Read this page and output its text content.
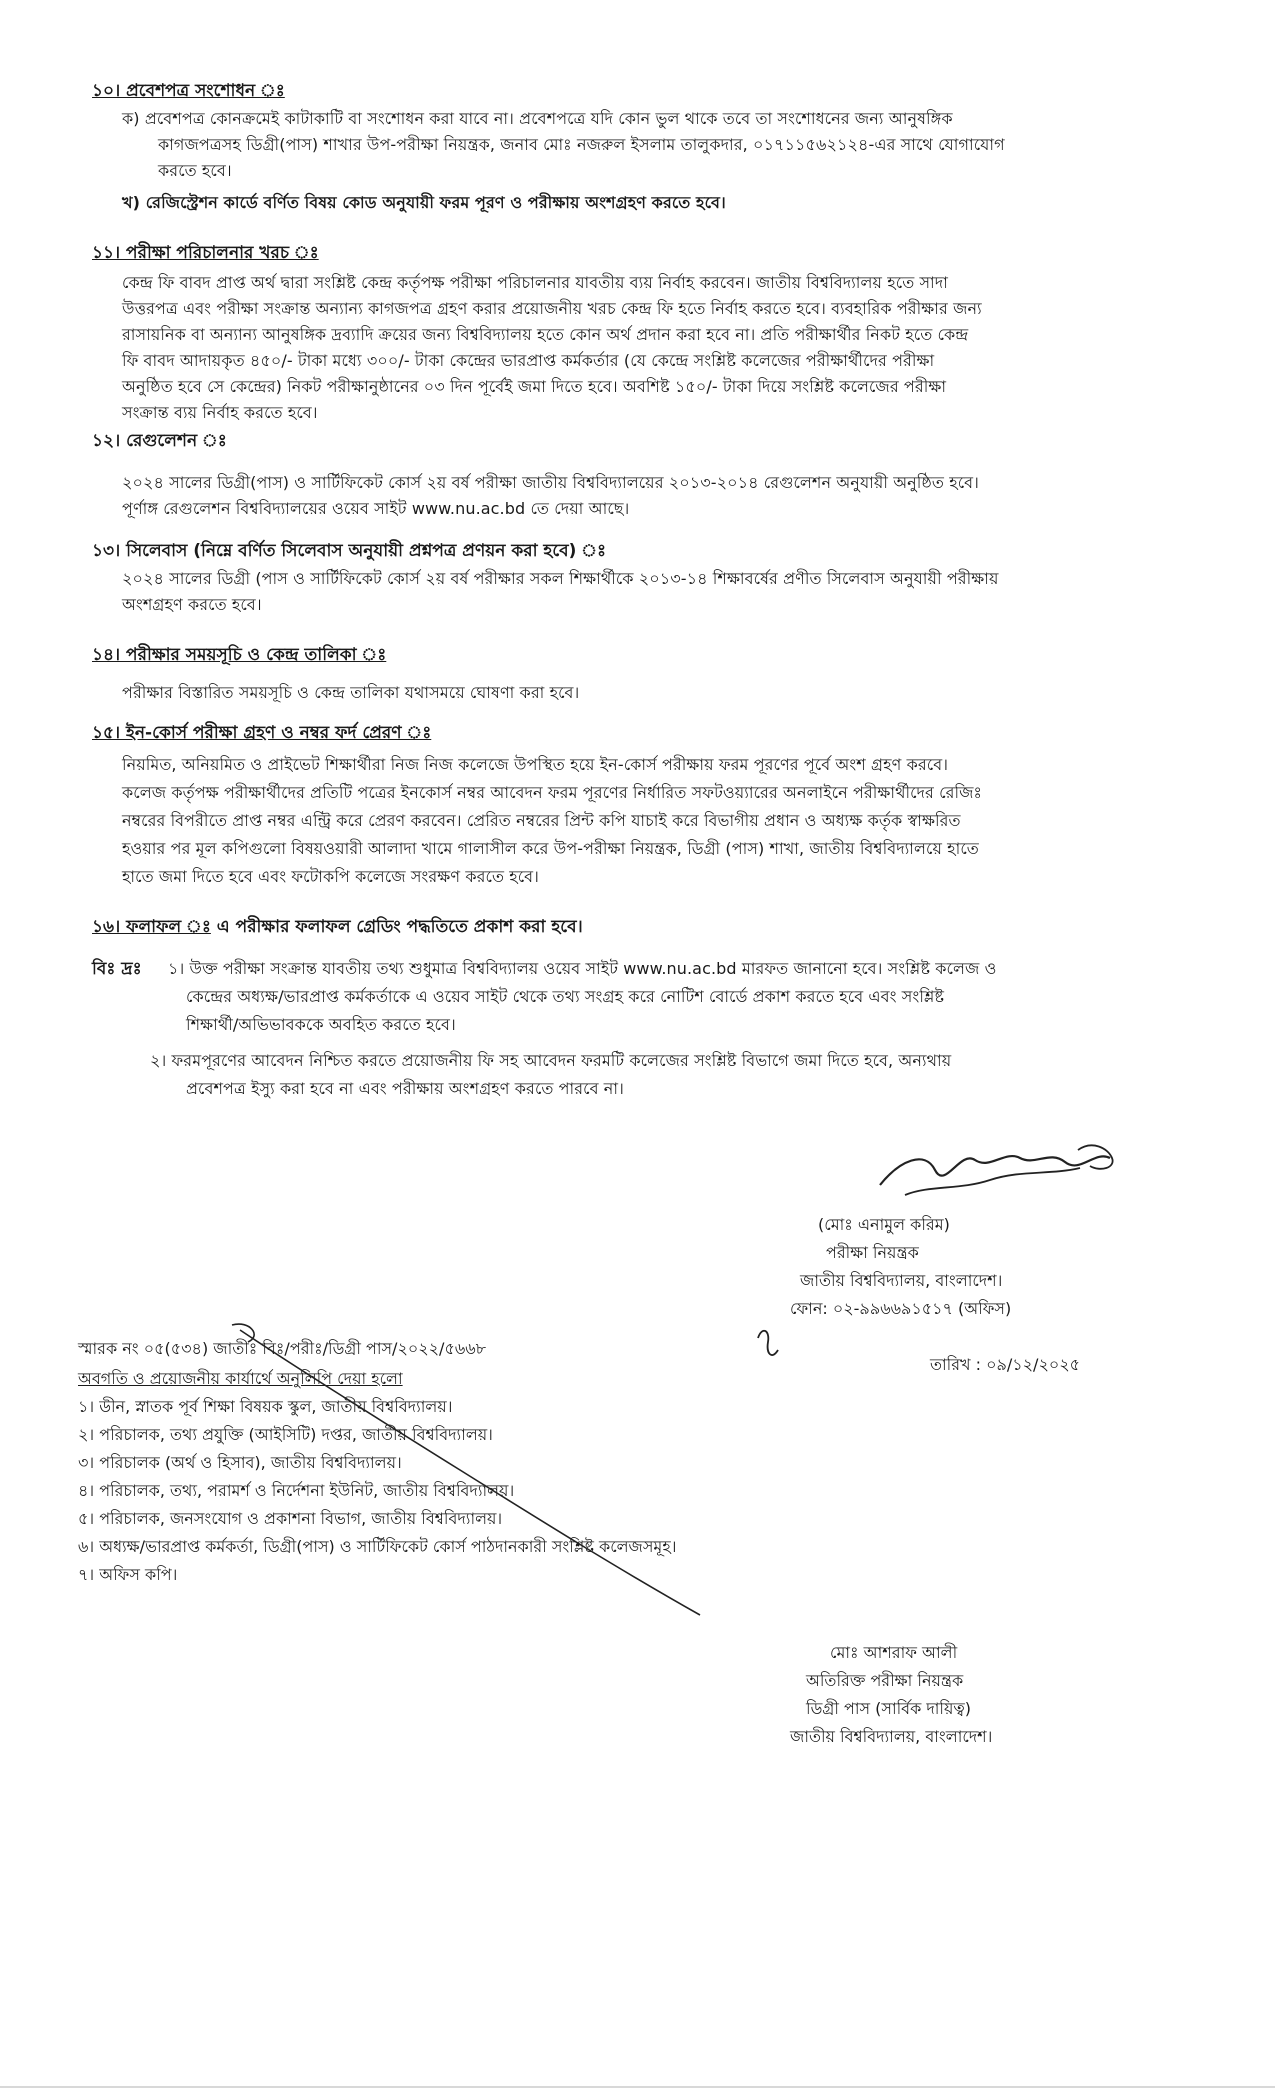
১০। প্রবেশপত্র সংশোধন ঃ
ক) প্রবেশপত্র কোনক্রমেই কাটাকাটি বা সংশোধন করা যাবে না। প্রবেশপত্রে যদি কোন ভুল থাকে তবে তা সংশোধনের জন্য আনুষঙ্গিক
কাগজপত্রসহ ডিগ্রী(পাস) শাখার উপ-পরীক্ষা নিয়ন্ত্রক, জনাব মোঃ নজরুল ইসলাম তালুকদার, ০১৭১১৫৬২১২৪-এর সাথে যোগাযোগ
করতে হবে।
খ) রেজিস্ট্রেশন কার্ডে বর্ণিত বিষয় কোড অনুযায়ী ফরম পূরণ ও পরীক্ষায় অংশগ্রহণ করতে হবে।
১১। পরীক্ষা পরিচালনার খরচ ঃ
কেন্দ্র ফি বাবদ প্রাপ্ত অর্থ দ্বারা সংশ্লিষ্ট কেন্দ্র কর্তৃপক্ষ পরীক্ষা পরিচালনার যাবতীয় ব্যয় নির্বাহ করবেন। জাতীয় বিশ্ববিদ্যালয় হতে সাদা
উত্তরপত্র এবং পরীক্ষা সংক্রান্ত অন্যান্য কাগজপত্র গ্রহণ করার প্রয়োজনীয় খরচ কেন্দ্র ফি হতে নির্বাহ করতে হবে। ব্যবহারিক পরীক্ষার জন্য
রাসায়নিক বা অন্যান্য আনুষঙ্গিক দ্রব্যাদি ক্রয়ের জন্য বিশ্ববিদ্যালয় হতে কোন অর্থ প্রদান করা হবে না। প্রতি পরীক্ষার্থীর নিকট হতে কেন্দ্র
ফি বাবদ আদায়কৃত ৪৫০/- টাকা মধ্যে ৩০০/- টাকা কেন্দ্রের ভারপ্রাপ্ত কর্মকর্তার (যে কেন্দ্রে সংশ্লিষ্ট কলেজের পরীক্ষার্থীদের পরীক্ষা
অনুষ্ঠিত হবে সে কেন্দ্রের) নিকট পরীক্ষানুষ্ঠানের ০৩ দিন পূর্বেই জমা দিতে হবে। অবশিষ্ট ১৫০/- টাকা দিয়ে সংশ্লিষ্ট কলেজের পরীক্ষা
সংক্রান্ত ব্যয় নির্বাহ করতে হবে।
১২। রেগুলেশন ঃ
২০২৪ সালের ডিগ্রী(পাস) ও সার্টিফিকেট কোর্স ২য় বর্ষ পরীক্ষা জাতীয় বিশ্ববিদ্যালয়ের ২০১৩-২০১৪ রেগুলেশন অনুযায়ী অনুষ্ঠিত হবে।
পূর্ণাঙ্গ রেগুলেশন বিশ্ববিদ্যালয়ের ওয়েব সাইট www.nu.ac.bd তে দেয়া আছে।
১৩। সিলেবাস (নিম্নে বর্ণিত সিলেবাস অনুযায়ী প্রশ্নপত্র প্রণয়ন করা হবে) ঃ
২০২৪ সালের ডিগ্রী (পাস ও সার্টিফিকেট কোর্স ২য় বর্ষ পরীক্ষার সকল শিক্ষার্থীকে ২০১৩-১৪ শিক্ষাবর্ষের প্রণীত সিলেবাস অনুযায়ী পরীক্ষায়
অংশগ্রহণ করতে হবে।
১৪। পরীক্ষার সময়সূচি ও কেন্দ্র তালিকা ঃ
পরীক্ষার বিস্তারিত সময়সূচি ও কেন্দ্র তালিকা যথাসময়ে ঘোষণা করা হবে।
১৫। ইন-কোর্স পরীক্ষা গ্রহণ ও নম্বর ফর্দ প্রেরণ ঃ
নিয়মিত, অনিয়মিত ও প্রাইভেট শিক্ষার্থীরা নিজ নিজ কলেজে উপস্থিত হয়ে ইন-কোর্স পরীক্ষায় ফরম পূরণের পূর্বে অংশ গ্রহণ করবে।
কলেজ কর্তৃপক্ষ পরীক্ষার্থীদের প্রতিটি পত্রের ইনকোর্স নম্বর আবেদন ফরম পূরণের নির্ধারিত সফটওয়্যারের অনলাইনে পরীক্ষার্থীদের রেজিঃ
নম্বরের বিপরীতে প্রাপ্ত নম্বর এন্ট্রি করে প্রেরণ করবেন। প্রেরিত নম্বরের প্রিন্ট কপি যাচাই করে বিভাগীয় প্রধান ও অধ্যক্ষ কর্তৃক স্বাক্ষরিত
হওয়ার পর মূল কপিগুলো বিষয়ওয়ারী আলাদা খামে গালাসীল করে উপ-পরীক্ষা নিয়ন্ত্রক, ডিগ্রী (পাস) শাখা, জাতীয় বিশ্ববিদ্যালয়ে হাতে
হাতে জমা দিতে হবে এবং ফটোকপি কলেজে সংরক্ষণ করতে হবে।
১৬। ফলাফল ঃ এ পরীক্ষার ফলাফল গ্রেডিং পদ্ধতিতে প্রকাশ করা হবে।
বিঃ দ্রঃ ১। উক্ত পরীক্ষা সংক্রান্ত যাবতীয় তথ্য শুধুমাত্র বিশ্ববিদ্যালয় ওয়েব সাইট www.nu.ac.bd মারফত জানানো হবে। সংশ্লিষ্ট কলেজ ও
কেন্দ্রের অধ্যক্ষ/ভারপ্রাপ্ত কর্মকর্তাকে এ ওয়েব সাইট থেকে তথ্য সংগ্রহ করে নোটিশ বোর্ডে প্রকাশ করতে হবে এবং সংশ্লিষ্ট
শিক্ষার্থী/অভিভাবককে অবহিত করতে হবে।
২। ফরমপূরণের আবেদন নিশ্চিত করতে প্রয়োজনীয় ফি সহ আবেদন ফরমটি কলেজের সংশ্লিষ্ট বিভাগে জমা দিতে হবে, অন্যথায়
প্রবেশপত্র ইস্যু করা হবে না এবং পরীক্ষায় অংশগ্রহণ করতে পারবে না।
(মোঃ এনামুল করিম)
পরীক্ষা নিয়ন্ত্রক
জাতীয় বিশ্ববিদ্যালয়, বাংলাদেশ।
ফোন: ০২-৯৯৬৬৯১৫১৭ (অফিস)
স্মারক নং ০৫(৫৩৪) জাতীঃ বিঃ/পরীঃ/ডিগ্রী পাস/২০২২/৫৬৬৮
তারিখ : ০৯/১২/২০২৫
অবগতি ও প্রয়োজনীয় কার্যার্থে অনুলিপি দেয়া হলো
১। ডীন, স্নাতক পূর্ব শিক্ষা বিষয়ক স্কুল, জাতীয় বিশ্ববিদ্যালয়।
২। পরিচালক, তথ্য প্রযুক্তি (আইসিটি) দপ্তর, জাতীয় বিশ্ববিদ্যালয়।
৩। পরিচালক (অর্থ ও হিসাব), জাতীয় বিশ্ববিদ্যালয়।
৪। পরিচালক, তথ্য, পরামর্শ ও নির্দেশনা ইউনিট, জাতীয় বিশ্ববিদ্যালয়।
৫। পরিচালক, জনসংযোগ ও প্রকাশনা বিভাগ, জাতীয় বিশ্ববিদ্যালয়।
৬। অধ্যক্ষ/ভারপ্রাপ্ত কর্মকর্তা, ডিগ্রী(পাস) ও সার্টিফিকেট কোর্স পাঠদানকারী সংশ্লিষ্ট কলেজসমূহ।
৭। অফিস কপি।
মোঃ আশরাফ আলী
অতিরিক্ত পরীক্ষা নিয়ন্ত্রক
ডিগ্রী পাস (সার্বিক দায়িত্ব)
জাতীয় বিশ্ববিদ্যালয়, বাংলাদেশ।
